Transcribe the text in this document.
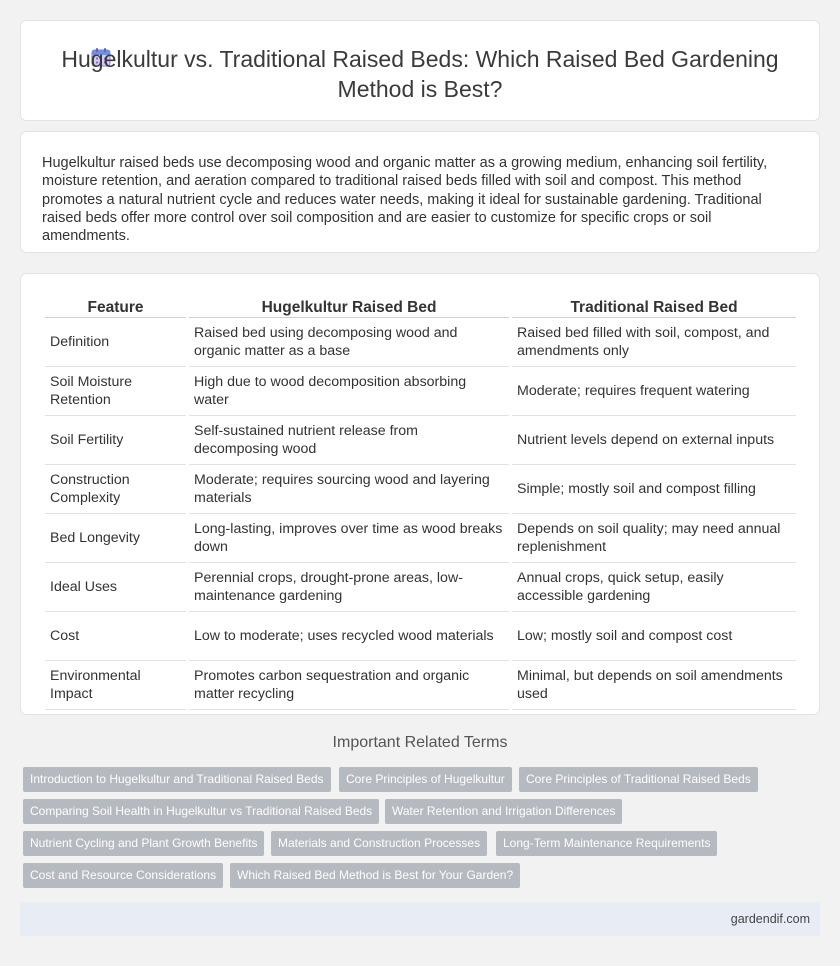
Hugelkultur vs. Traditional Raised Beds: Which Raised Bed Gardening Method is Best?

Hugelkultur raised beds use decomposing wood and organic matter as a growing medium, enhancing soil fertility, moisture retention, and aeration compared to traditional raised beds filled with soil and compost. This method promotes a natural nutrient cycle and reduces water needs, making it ideal for sustainable gardening. Traditional raised beds offer more control over soil composition and are easier to customize for specific crops or soil amendments.

Feature	Hugelkultur Raised Bed	Traditional Raised Bed
Definition	Raised bed using decomposing wood and organic matter as a base	Raised bed filled with soil, compost, and amendments only
Soil Moisture Retention	High due to wood decomposition absorbing water	Moderate; requires frequent watering
Soil Fertility	Self-sustained nutrient release from decomposing wood	Nutrient levels depend on external inputs
Construction Complexity	Moderate; requires sourcing wood and layering materials	Simple; mostly soil and compost filling
Bed Longevity	Long-lasting, improves over time as wood breaks down	Depends on soil quality; may need annual replenishment
Ideal Uses	Perennial crops, drought-prone areas, low-maintenance gardening	Annual crops, quick setup, easily accessible gardening
Cost	Low to moderate; uses recycled wood materials	Low; mostly soil and compost cost
Environmental Impact	Promotes carbon sequestration and organic matter recycling	Minimal, but depends on soil amendments used
Important Related Terms
Introduction to Hugelkultur and Traditional Raised Beds	Core Principles of Hugelkultur	Core Principles of Traditional Raised Beds
Comparing Soil Health in Hugelkultur vs Traditional Raised Beds	Water Retention and Irrigation Differences
Nutrient Cycling and Plant Growth Benefits	Materials and Construction Processes	Long-Term Maintenance Requirements
Cost and Resource Considerations	Which Raised Bed Method is Best for Your Garden?
gardendif.com
